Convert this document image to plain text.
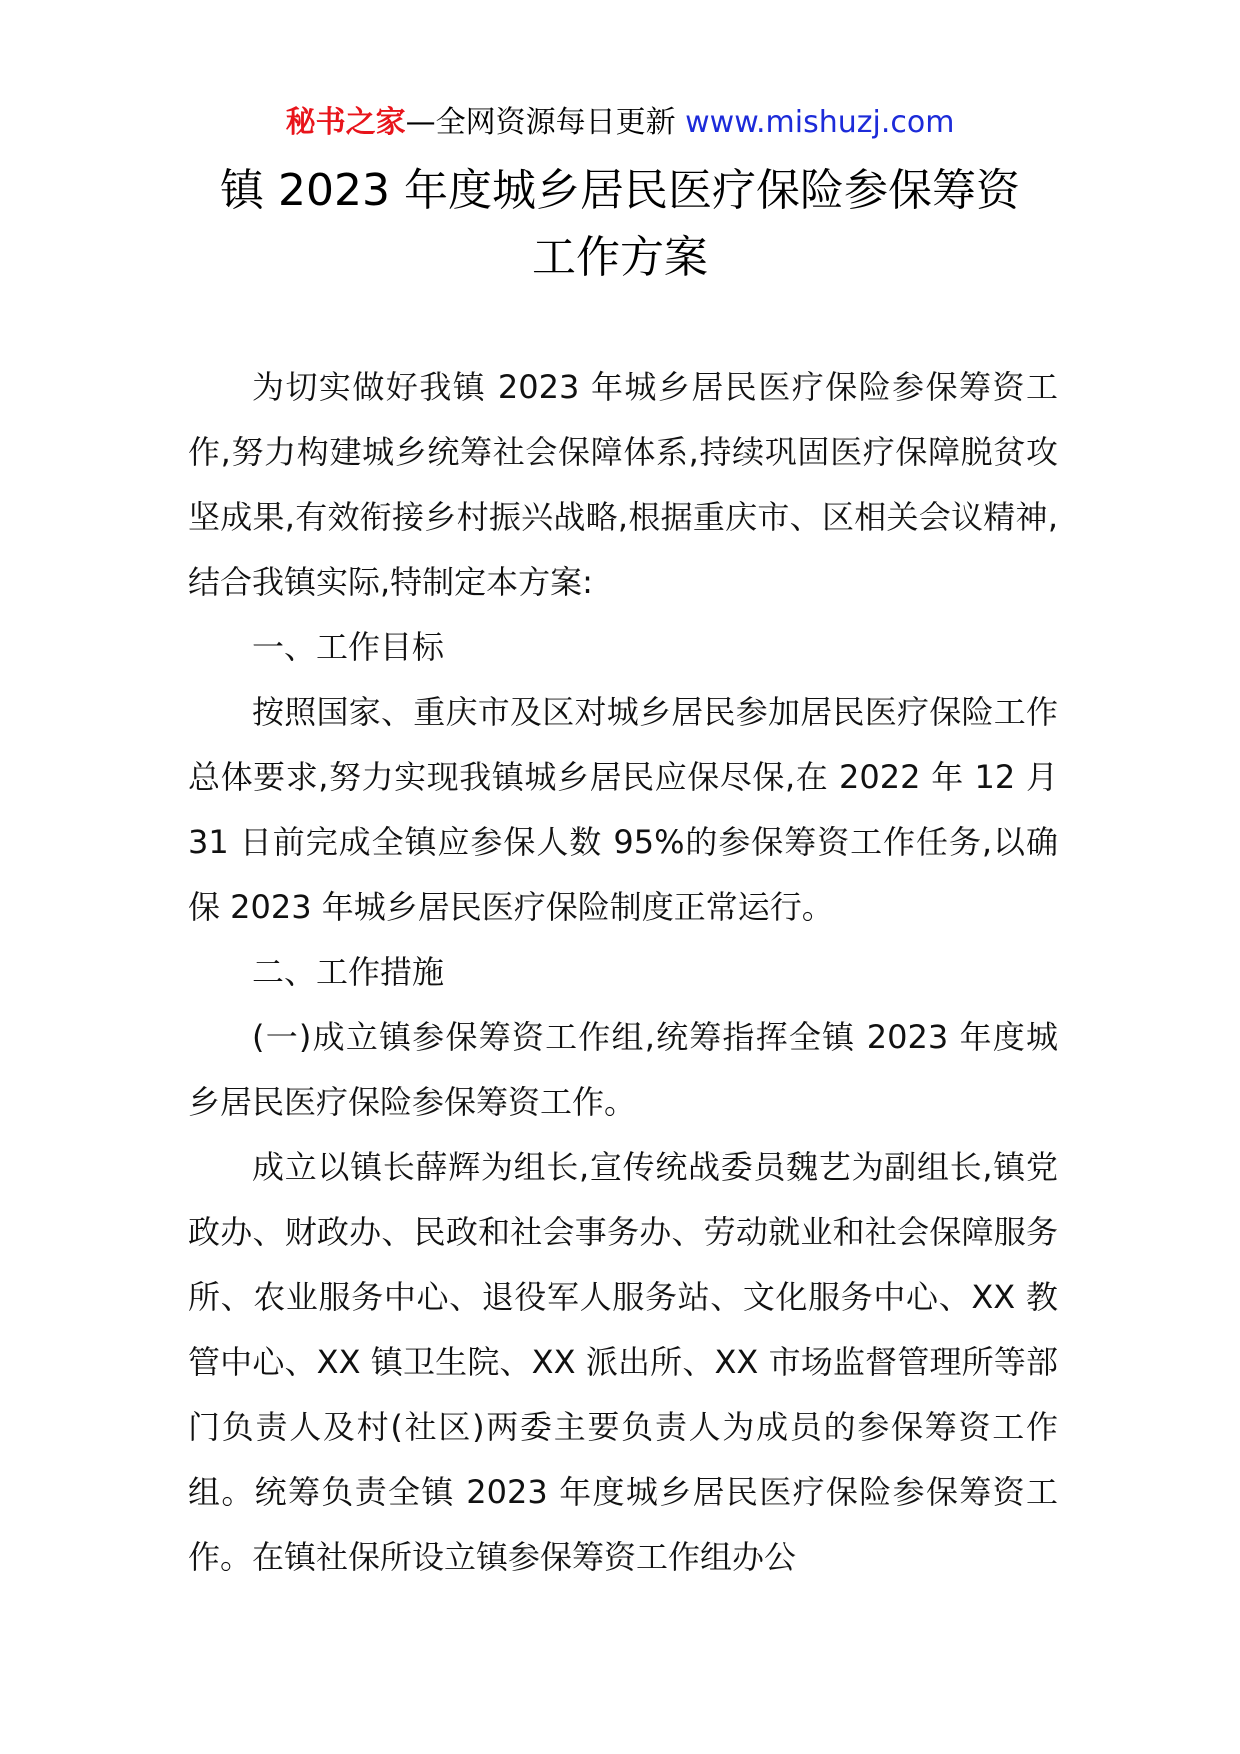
秘书之家—全网资源每日更新 www.mishuzj.com
镇 2023 年度城乡居民医疗保险参保筹资
工作方案

为切实做好我镇 2023 年城乡居民医疗保险参保筹资工作,努力构建城乡统筹社会保障体系,持续巩固医疗保障脱贫攻坚成果,有效衔接乡村振兴战略,根据重庆市、区相关会议精神,结合我镇实际,特制定本方案:

一、工作目标

按照国家、重庆市及区对城乡居民参加居民医疗保险工作总体要求,努力实现我镇城乡居民应保尽保,在 2022 年 12 月 31 日前完成全镇应参保人数 95%的参保筹资工作任务,以确保 2023 年城乡居民医疗保险制度正常运行。

二、工作措施

(一)成立镇参保筹资工作组,统筹指挥全镇 2023 年度城乡居民医疗保险参保筹资工作。

成立以镇长薛辉为组长,宣传统战委员魏艺为副组长,镇党政办、财政办、民政和社会事务办、劳动就业和社会保障服务所、农业服务中心、退役军人服务站、文化服务中心、XX 教管中心、XX 镇卫生院、XX 派出所、XX 市场监督管理所等部门负责人及村(社区)两委主要负责人为成员的参保筹资工作组。统筹负责全镇 2023 年度城乡居民医疗保险参保筹资工作。在镇社保所设立镇参保筹资工作组办公
